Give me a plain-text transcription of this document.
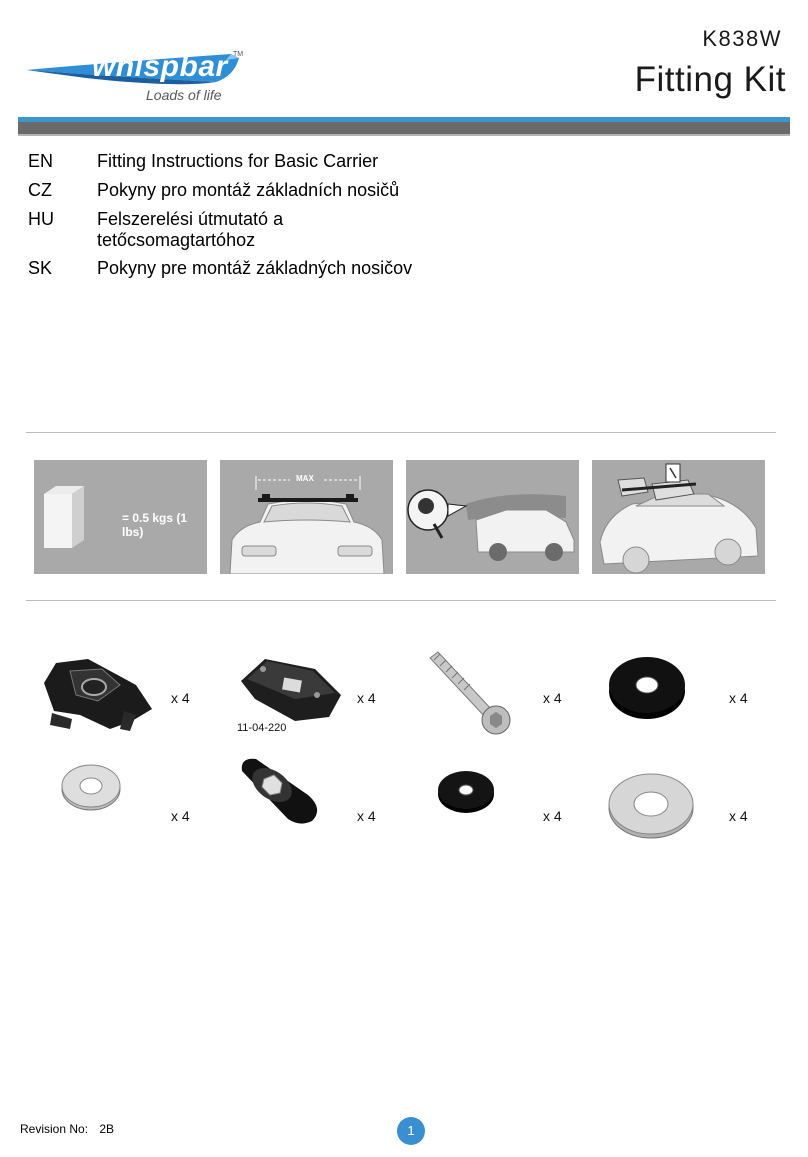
whispbar TM
Loads of life
K838W
Fitting Kit
EN Fitting Instructions for Basic Carrier
CZ	Pokyny pro montáž základních nosičů
HU Felszerelési útmutató a tetőcsomagtartóhoz
SK Pokyny pre montáž základných nosičov
= 0.5 kgs (1 lbs)
MAX
x 4
11-04-220
x 4	x 4	x 4
x 4	x 4	x 4	x 4
Revision No: 2B	1
